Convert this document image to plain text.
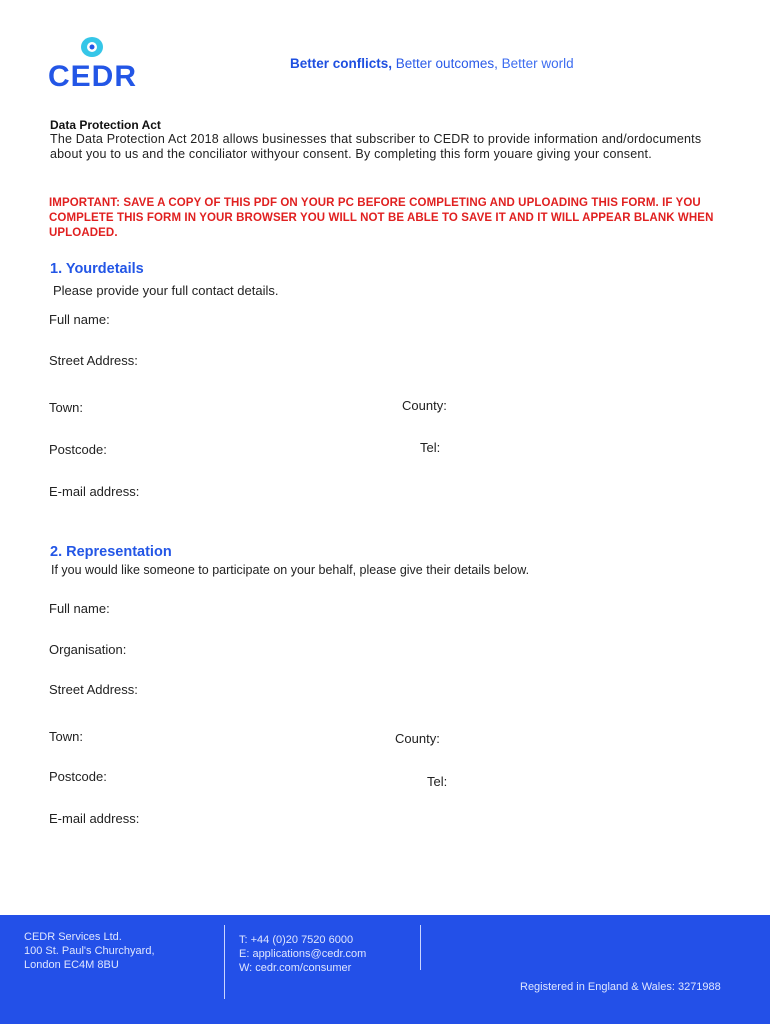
CEDR	Better conflicts, Better outcomes, Better world
Data Protection Act
The Data Protection Act 2018 allows businesses that subscriber to CEDR to provide information and/ordocuments about you to us and the conciliator withyour consent. By completing this form youare giving your consent.
IMPORTANT: SAVE A COPY OF THIS PDF ON YOUR PC BEFORE COMPLETING AND UPLOADING THIS FORM. IF YOU COMPLETE THIS FORM IN YOUR BROWSER YOU WILL NOT BE ABLE TO SAVE IT AND IT WILL APPEAR BLANK WHEN UPLOADED.
1. Yourdetails
Please provide your full contact details.
Full name:
Street Address:
Town:	County:
Postcode:	Tel:
E-mail address:
2. Representation
If you would like someone to participate on your behalf, please give their details below.
Full name:
Organisation:
Street Address:
Town:	County:
Postcode:	Tel:
E-mail address:
CEDR Services Ltd.
100 St. Paul's Churchyard,
London EC4M 8BU
T: +44 (0)20 7520 6000
E: applications@cedr.com
W: cedr.com/consumer
Registered in England & Wales: 3271988
